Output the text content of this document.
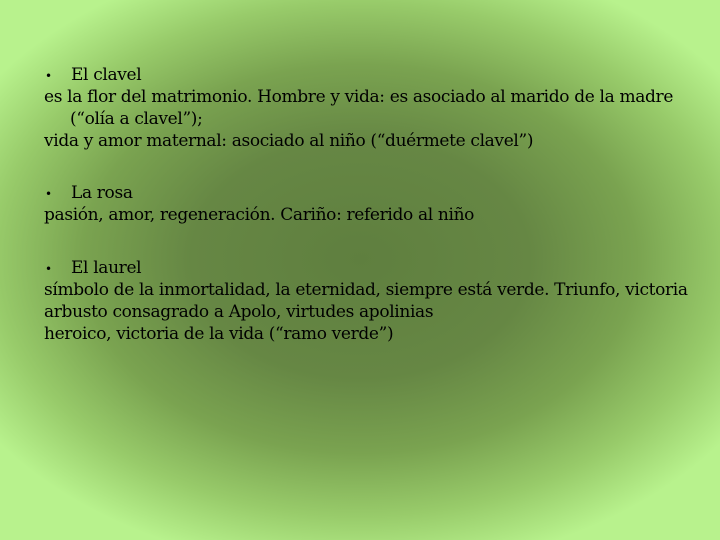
•	El clavel
es la flor del matrimonio. Hombre y vida: es asociado al marido de la madre (“olía a clavel”);
vida y amor maternal: asociado al niño (“duérmete clavel”)
•	La rosa
pasión, amor, regeneración. Cariño: referido al niño
•	El laurel
símbolo de la inmortalidad, la eternidad, siempre está verde. Triunfo, victoria
arbusto consagrado a Apolo, virtudes apolinias
heroico, victoria de la vida (“ramo verde”)
